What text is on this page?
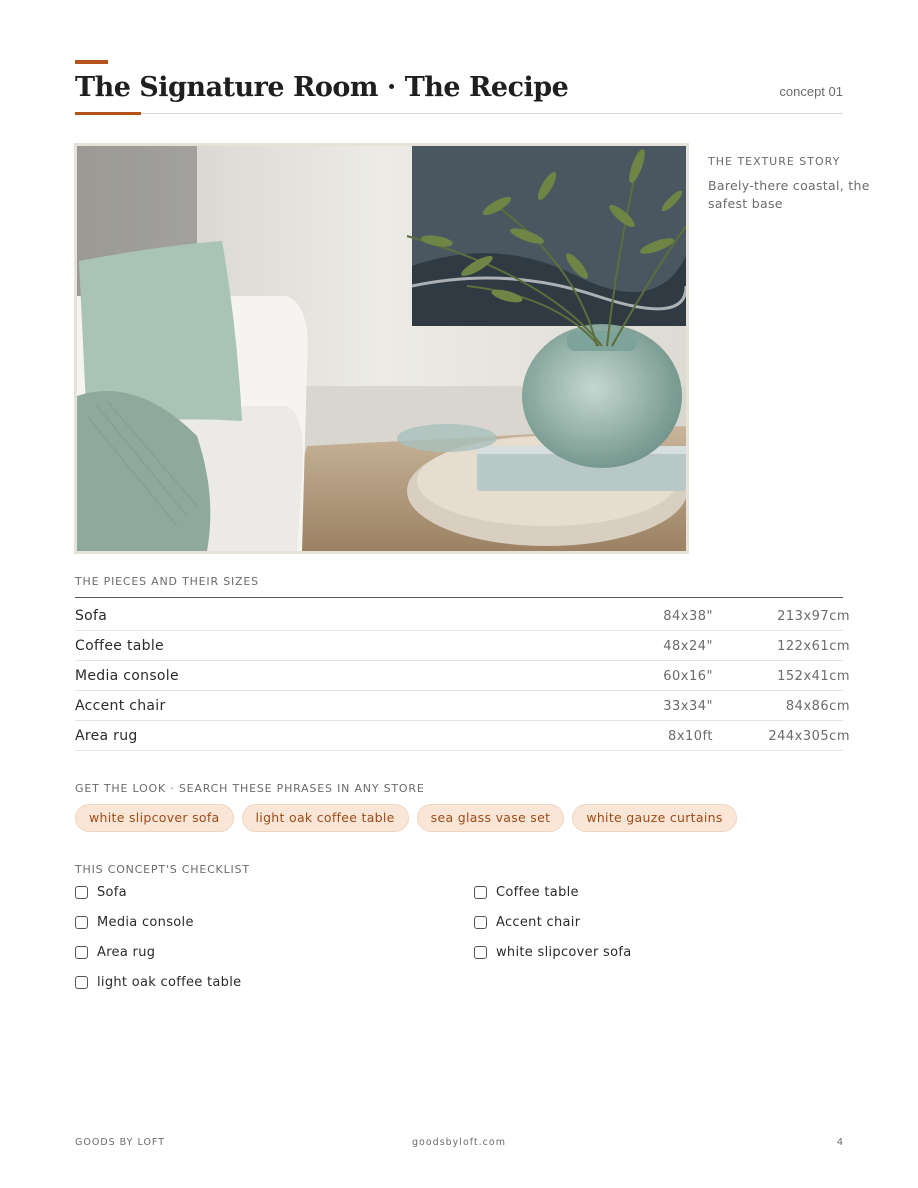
The Signature Room · The Recipe	concept 01
THE TEXTURE STORY
Barely-there coastal, the safest base
THE PIECES AND THEIR SIZES
Sofa	84x38"	213x97cm
Coffee table	48x24"	122x61cm
Media console	60x16"	152x41cm
Accent chair	33x34"	84x86cm
Area rug	8x10ft	244x305cm
GET THE LOOK · SEARCH THESE PHRASES IN ANY STORE
white slipcover sofa	light oak coffee table	sea glass vase set	white gauze curtains
THIS CONCEPT'S CHECKLIST
Sofa	Coffee table
Media console	Accent chair
Area rug	white slipcover sofa
light oak coffee table
GOODS BY LOFT	goodsbyloft.com	4
